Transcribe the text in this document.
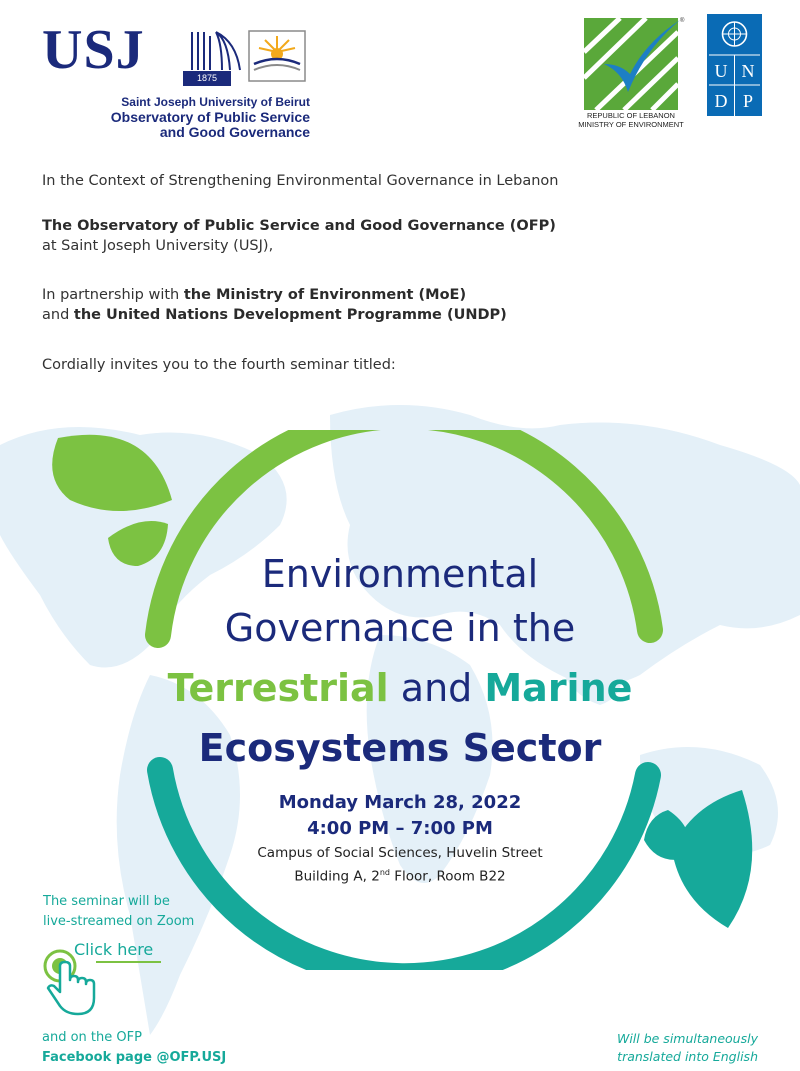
USJ	1875
Saint Joseph University of Beirut
Observatory of Public Service
and Good Governance
®
REPUBLIC OF LEBANON
MINISTRY OF ENVIRONMENT
U N
D P
In the Context of Strengthening Environmental Governance in Lebanon
The Observatory of Public Service and Good Governance (OFP)
at Saint Joseph University (USJ),
In partnership with the Ministry of Environment (MoE)
and the United Nations Development Programme (UNDP)
Cordially invites you to the fourth seminar titled:
Environmental
Governance in the
Terrestrial and Marine
Ecosystems Sector
Monday March 28, 2022
4:00 PM – 7:00 PM
Campus of Social Sciences, Huvelin Street
Building A, 2nd Floor, Room B22
The seminar will be
live-streamed on Zoom
Click here
and on the OFP
Facebook page @OFP.USJ
Will be simultaneously
translated into English
